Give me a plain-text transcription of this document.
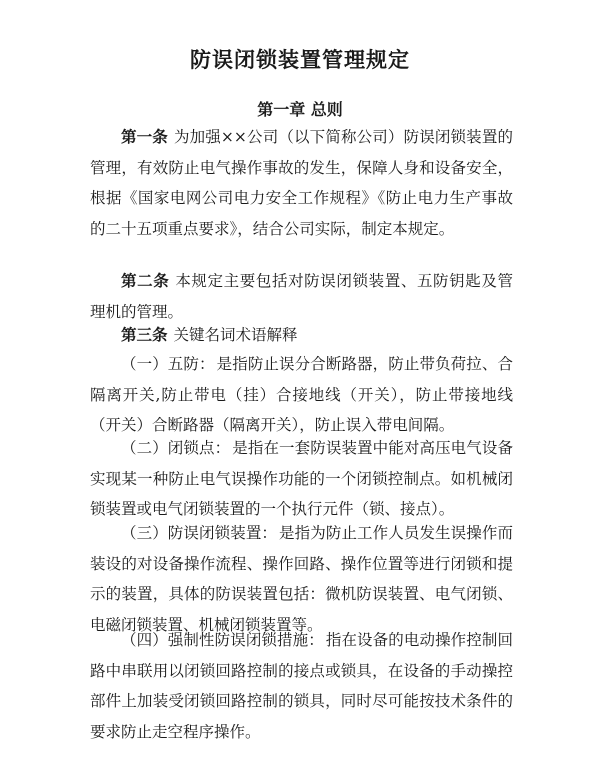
防误闭锁装置管理规定
第一章 总则

第一条 为加强××公司（以下简称公司）防误闭锁装置的管理，有效防止电气操作事故的发生，保障人身和设备安全，根据《国家电网公司电力安全工作规程》《防止电力生产事故的二十五项重点要求》，结合公司实际，制定本规定。

第二条 本规定主要包括对防误闭锁装置、五防钥匙及管理机的管理。

第三条 关键名词术语解释

（一）五防： 是指防止误分合断路器，防止带负荷拉、合隔离开关,防止带电（挂）合接地线（开关），防止带接地线（开关）合断路器（隔离开关），防止误入带电间隔。

（二）闭锁点： 是指在一套防误装置中能对高压电气设备实现某一种防止电气误操作功能的一个闭锁控制点。如机械闭锁装置或电气闭锁装置的一个执行元件（锁、接点）。

（三）防误闭锁装置： 是指为防止工作人员发生误操作而装设的对设备操作流程、操作回路、操作位置等进行闭锁和提示的装置，具体的防误装置包括：微机防误装置、电气闭锁、电磁闭锁装置、机械闭锁装置等。

（四）强制性防误闭锁措施： 指在设备的电动操作控制回路中串联用以闭锁回路控制的接点或锁具，在设备的手动操控部件上加装受闭锁回路控制的锁具，同时尽可能按技术条件的要求防止走空程序操作。
